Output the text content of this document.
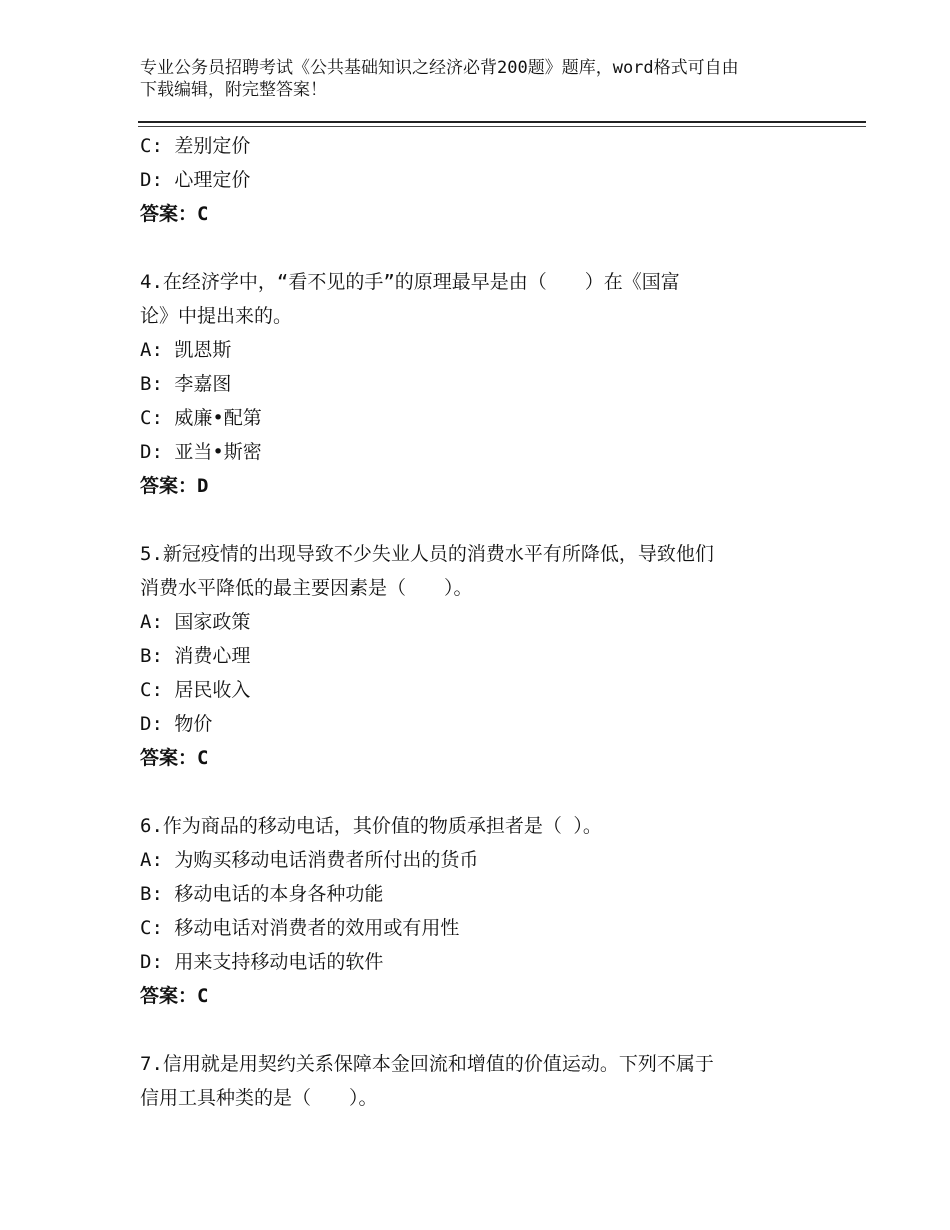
专业公务员招聘考试《公共基础知识之经济必背200题》题库，word格式可自由
下载编辑，附完整答案！
C: 差别定价
D: 心理定价
答案：C
4.在经济学中，“看不见的手”的原理最早是由（　　）在《国富
论》中提出来的。
A: 凯恩斯
B: 李嘉图
C: 威廉•配第
D: 亚当•斯密
答案：D
5.新冠疫情的出现导致不少失业人员的消费水平有所降低，导致他们
消费水平降低的最主要因素是（　　）。
A: 国家政策
B: 消费心理
C: 居民收入
D: 物价
答案：C
6.作为商品的移动电话，其价值的物质承担者是（ ）。
A: 为购买移动电话消费者所付出的货币
B: 移动电话的本身各种功能
C: 移动电话对消费者的效用或有用性
D: 用来支持移动电话的软件
答案：C
7.信用就是用契约关系保障本金回流和增值的价值运动。下列不属于
信用工具种类的是（　　）。
